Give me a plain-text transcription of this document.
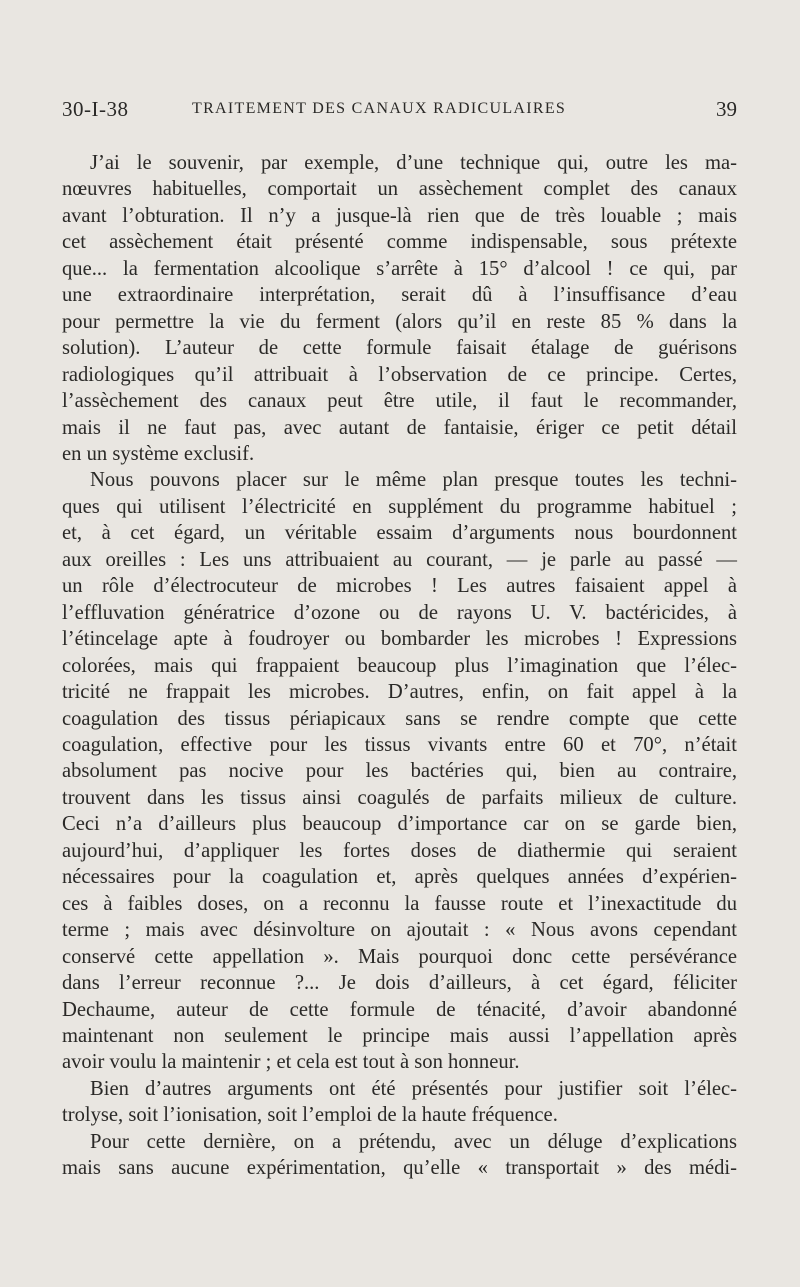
30-I-38	TRAITEMENT DES CANAUX RADICULAIRES	39
J’ai le souvenir, par exemple, d’une technique qui, outre les ma-
nœuvres habituelles, comportait un assèchement complet des canaux
avant l’obturation. Il n’y a jusque-là rien que de très louable ; mais
cet assèchement était présenté comme indispensable, sous prétexte
que... la fermentation alcoolique s’arrête à 15° d’alcool ! ce qui, par
une extraordinaire interprétation, serait dû à l’insuffisance d’eau
pour permettre la vie du ferment (alors qu’il en reste 85 % dans la
solution). L’auteur de cette formule faisait étalage de guérisons
radiologiques qu’il attribuait à l’observation de ce principe. Certes,
l’assèchement des canaux peut être utile, il faut le recommander,
mais il ne faut pas, avec autant de fantaisie, ériger ce petit détail
en un système exclusif.
Nous pouvons placer sur le même plan presque toutes les techni-
ques qui utilisent l’électricité en supplément du programme habituel ;
et, à cet égard, un véritable essaim d’arguments nous bourdonnent
aux oreilles : Les uns attribuaient au courant, — je parle au passé —
un rôle d’électrocuteur de microbes ! Les autres faisaient appel à
l’effluvation génératrice d’ozone ou de rayons U. V. bactéricides, à
l’étincelage apte à foudroyer ou bombarder les microbes ! Expressions
colorées, mais qui frappaient beaucoup plus l’imagination que l’élec-
tricité ne frappait les microbes. D’autres, enfin, on fait appel à la
coagulation des tissus périapicaux sans se rendre compte que cette
coagulation, effective pour les tissus vivants entre 60 et 70°, n’était
absolument pas nocive pour les bactéries qui, bien au contraire,
trouvent dans les tissus ainsi coagulés de parfaits milieux de culture.
Ceci n’a d’ailleurs plus beaucoup d’importance car on se garde bien,
aujourd’hui, d’appliquer les fortes doses de diathermie qui seraient
nécessaires pour la coagulation et, après quelques années d’expérien-
ces à faibles doses, on a reconnu la fausse route et l’inexactitude du
terme ; mais avec désinvolture on ajoutait : « Nous avons cependant
conservé cette appellation ». Mais pourquoi donc cette persévérance
dans l’erreur reconnue ?... Je dois d’ailleurs, à cet égard, féliciter
Dechaume, auteur de cette formule de ténacité, d’avoir abandonné
maintenant non seulement le principe mais aussi l’appellation après
avoir voulu la maintenir ; et cela est tout à son honneur.
Bien d’autres arguments ont été présentés pour justifier soit l’élec-
trolyse, soit l’ionisation, soit l’emploi de la haute fréquence.
Pour cette dernière, on a prétendu, avec un déluge d’explications
mais sans aucune expérimentation, qu’elle « transportait » des médi-
